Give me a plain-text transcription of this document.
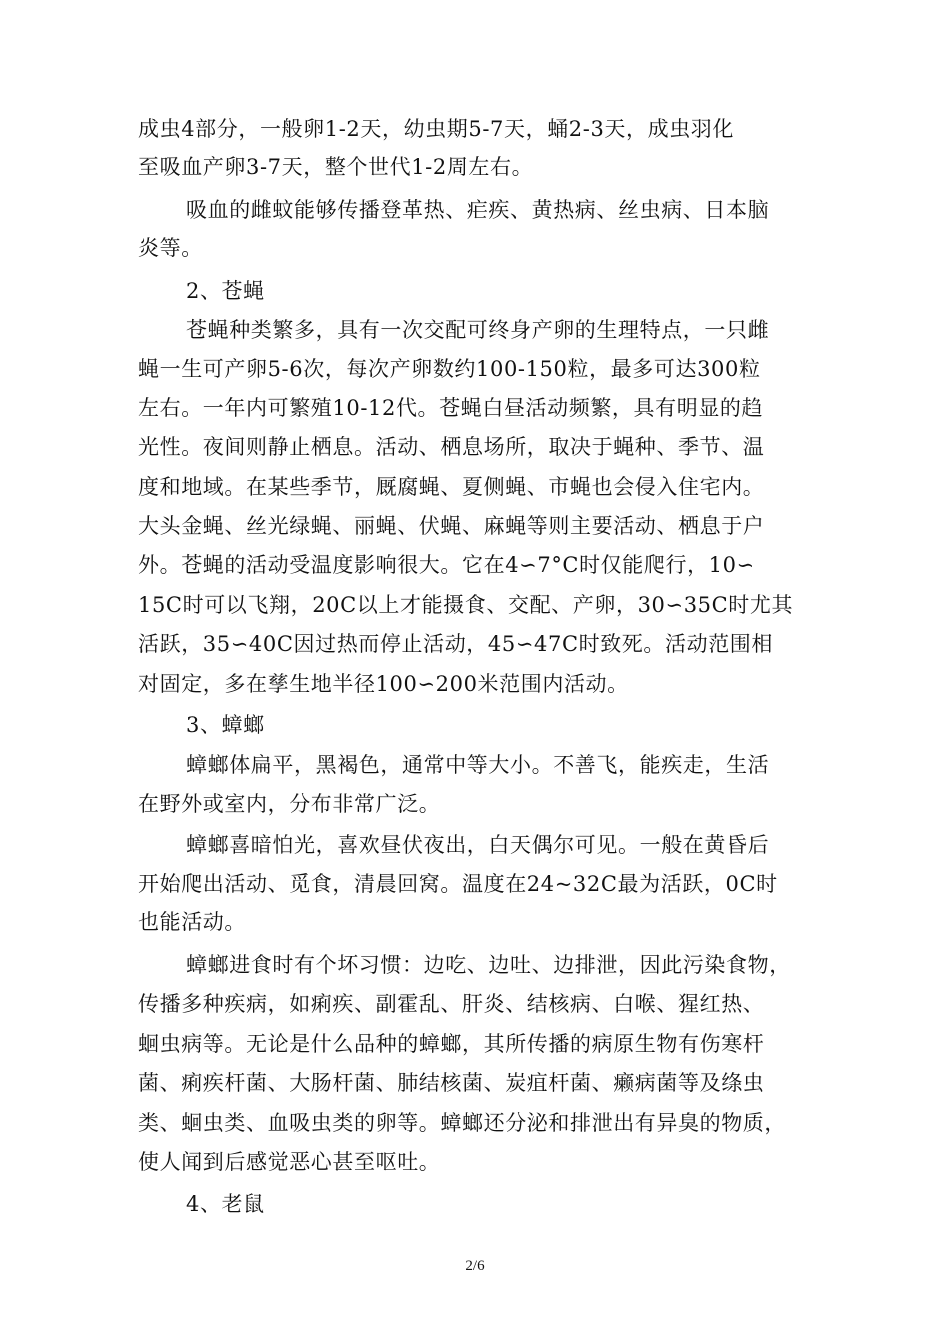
成虫4部分，一般卵1-2天，幼虫期5-7天，蛹2-3天，成虫羽化
至吸血产卵3-7天，整个世代1-2周左右。
吸血的雌蚊能够传播登革热、疟疾、黄热病、丝虫病、日本脑
炎等。
2、苍蝇
苍蝇种类繁多，具有一次交配可终身产卵的生理特点，一只雌
蝇一生可产卵5-6次，每次产卵数约100-150粒，最多可达300粒
左右。一年内可繁殖10-12代。苍蝇白昼活动频繁，具有明显的趋
光性。夜间则静止栖息。活动、栖息场所，取决于蝇种、季节、温
度和地域。在某些季节，厩腐蝇、夏侧蝇、市蝇也会侵入住宅内。
大头金蝇、丝光绿蝇、丽蝇、伏蝇、麻蝇等则主要活动、栖息于户
外。苍蝇的活动受温度影响很大。它在4∽7°C时仅能爬行，10∽
15C时可以飞翔，20C以上才能摄食、交配、产卵，30∽35C时尤其
活跃，35∽40C因过热而停止活动，45∽47C时致死。活动范围相
对固定，多在孳生地半径100∽200米范围内活动。
3、蟑螂
蟑螂体扁平，黑褐色，通常中等大小。不善飞，能疾走，生活
在野外或室内，分布非常广泛。
蟑螂喜暗怕光，喜欢昼伏夜出，白天偶尔可见。一般在黄昏后
开始爬出活动、觅食，清晨回窝。温度在24~32C最为活跃，0C时
也能活动。
蟑螂进食时有个坏习惯：边吃、边吐、边排泄，因此污染食物，
传播多种疾病，如痢疾、副霍乱、肝炎、结核病、白喉、猩红热、
蛔虫病等。无论是什么品种的蟑螂，其所传播的病原生物有伤寒杆
菌、痢疾杆菌、大肠杆菌、肺结核菌、炭疽杆菌、癞病菌等及绦虫
类、蛔虫类、血吸虫类的卵等。蟑螂还分泌和排泄出有异臭的物质，
使人闻到后感觉恶心甚至呕吐。
4、老鼠
2/6
